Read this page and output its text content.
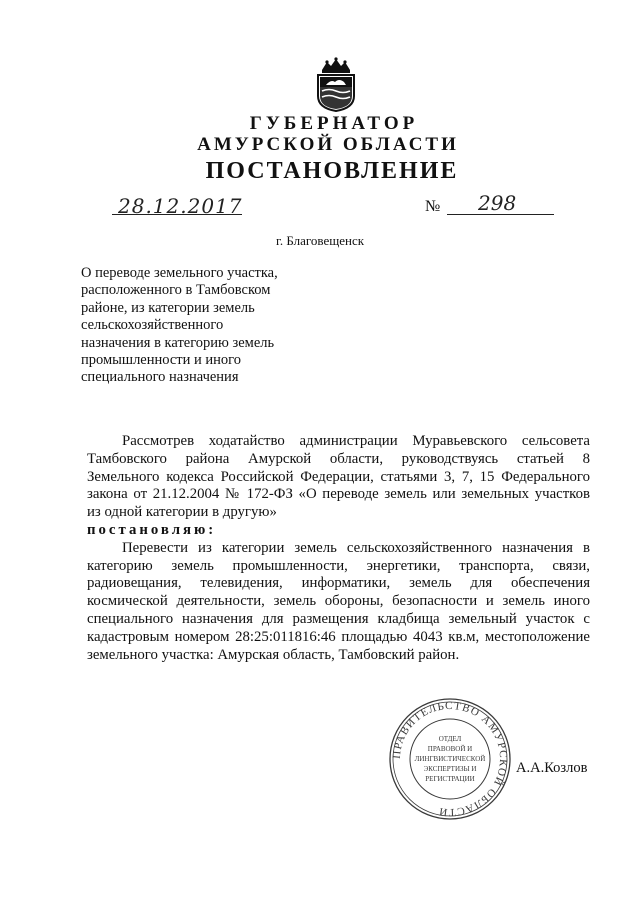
ГУБЕРНАТОР
АМУРСКОЙ ОБЛАСТИ
ПОСТАНОВЛЕНИЕ
28.12.2017	№ 298
г. Благовещенск
О переводе земельного участка,
расположенного в Тамбовском
районе, из категории земель
сельскохозяйственного
назначения в категорию земель
промышленности и иного
специального назначения
Рассмотрев ходатайство администрации Муравьевского сельсовета
Тамбовского района Амурской области, руководствуясь статьей 8
Земельного кодекса Российской Федерации, статьями 3, 7, 15 Федерального
закона от 21.12.2004 № 172-ФЗ «О переводе земель или земельных участков
из одной категории в другую»
постановляю:
Перевести из категории земель сельскохозяйственного назначения в
категорию земель промышленности, энергетики, транспорта, связи,
радиовещания, телевидения, информатики, земель для обеспечения
космической деятельности, земель обороны, безопасности и земель иного
специального назначения для размещения кладбища земельный участок с
кадастровым номером 28:25:011816:46 площадью 4043 кв.м, местоположение
земельного участка: Амурская область, Тамбовский район.
ПРАВИТЕЛЬСТВО АМУРСКОЙ ОБЛАСТИ
ОТДЕЛ
ПРАВОВОЙ И
ЛИНГВИСТИЧЕСКОЙ
ЭКСПЕРТИЗЫ И
РЕГИСТРАЦИИ
А.А.Козлов
